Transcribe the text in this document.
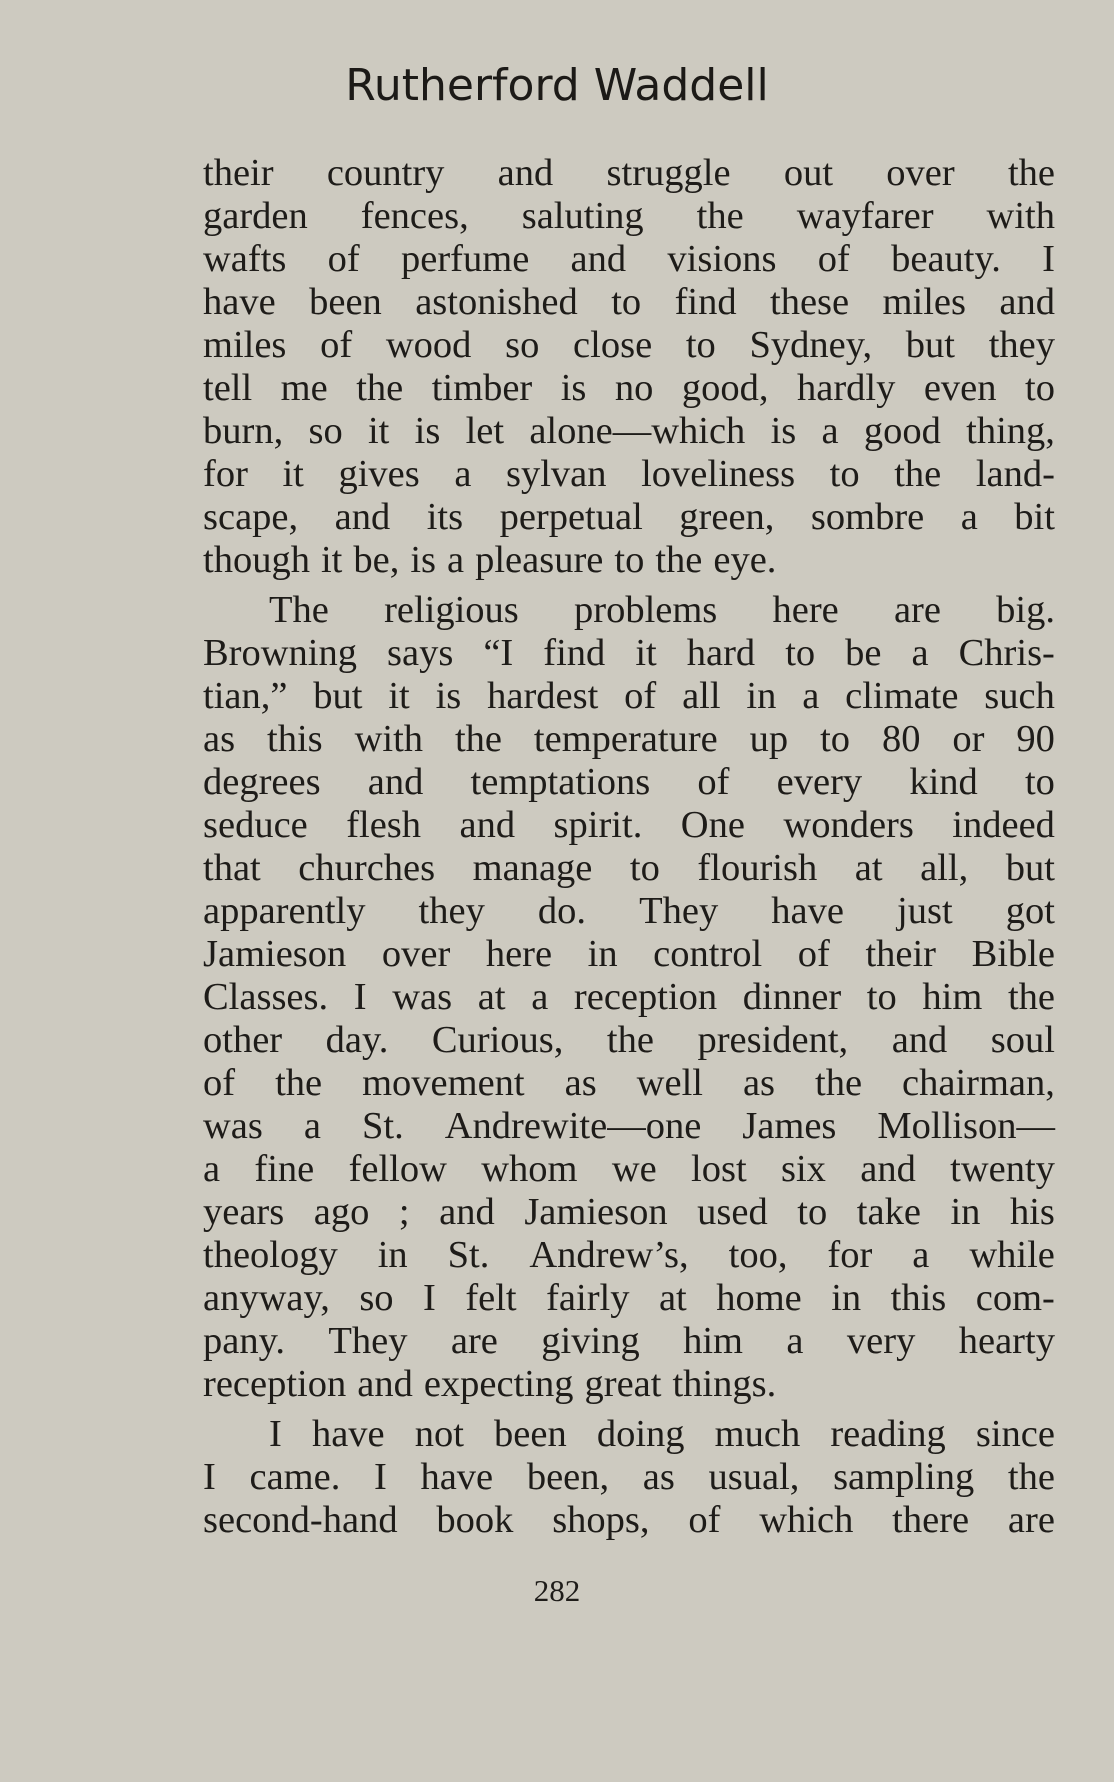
Rutherford Waddell
their country and struggle out over the
garden fences, saluting the wayfarer with
wafts of perfume and visions of beauty. I
have been astonished to find these miles and
miles of wood so close to Sydney, but they
tell me the timber is no good, hardly even to
burn, so it is let alone—which is a good thing,
for it gives a sylvan loveliness to the land-
scape, and its perpetual green, sombre a bit
though it be, is a pleasure to the eye.
The religious problems here are big.
Browning says “I find it hard to be a Chris-
tian,” but it is hardest of all in a climate such
as this with the temperature up to 80 or 90
degrees and temptations of every kind to
seduce flesh and spirit. One wonders indeed
that churches manage to flourish at all, but
apparently they do. They have just got
Jamieson over here in control of their Bible
Classes. I was at a reception dinner to him the
other day. Curious, the president, and soul
of the movement as well as the chairman,
was a St. Andrewite—one James Mollison—
a fine fellow whom we lost six and twenty
years ago ; and Jamieson used to take in his
theology in St. Andrew’s, too, for a while
anyway, so I felt fairly at home in this com-
pany. They are giving him a very hearty
reception and expecting great things.
I have not been doing much reading since
I came. I have been, as usual, sampling the
second-hand book shops, of which there are
282
